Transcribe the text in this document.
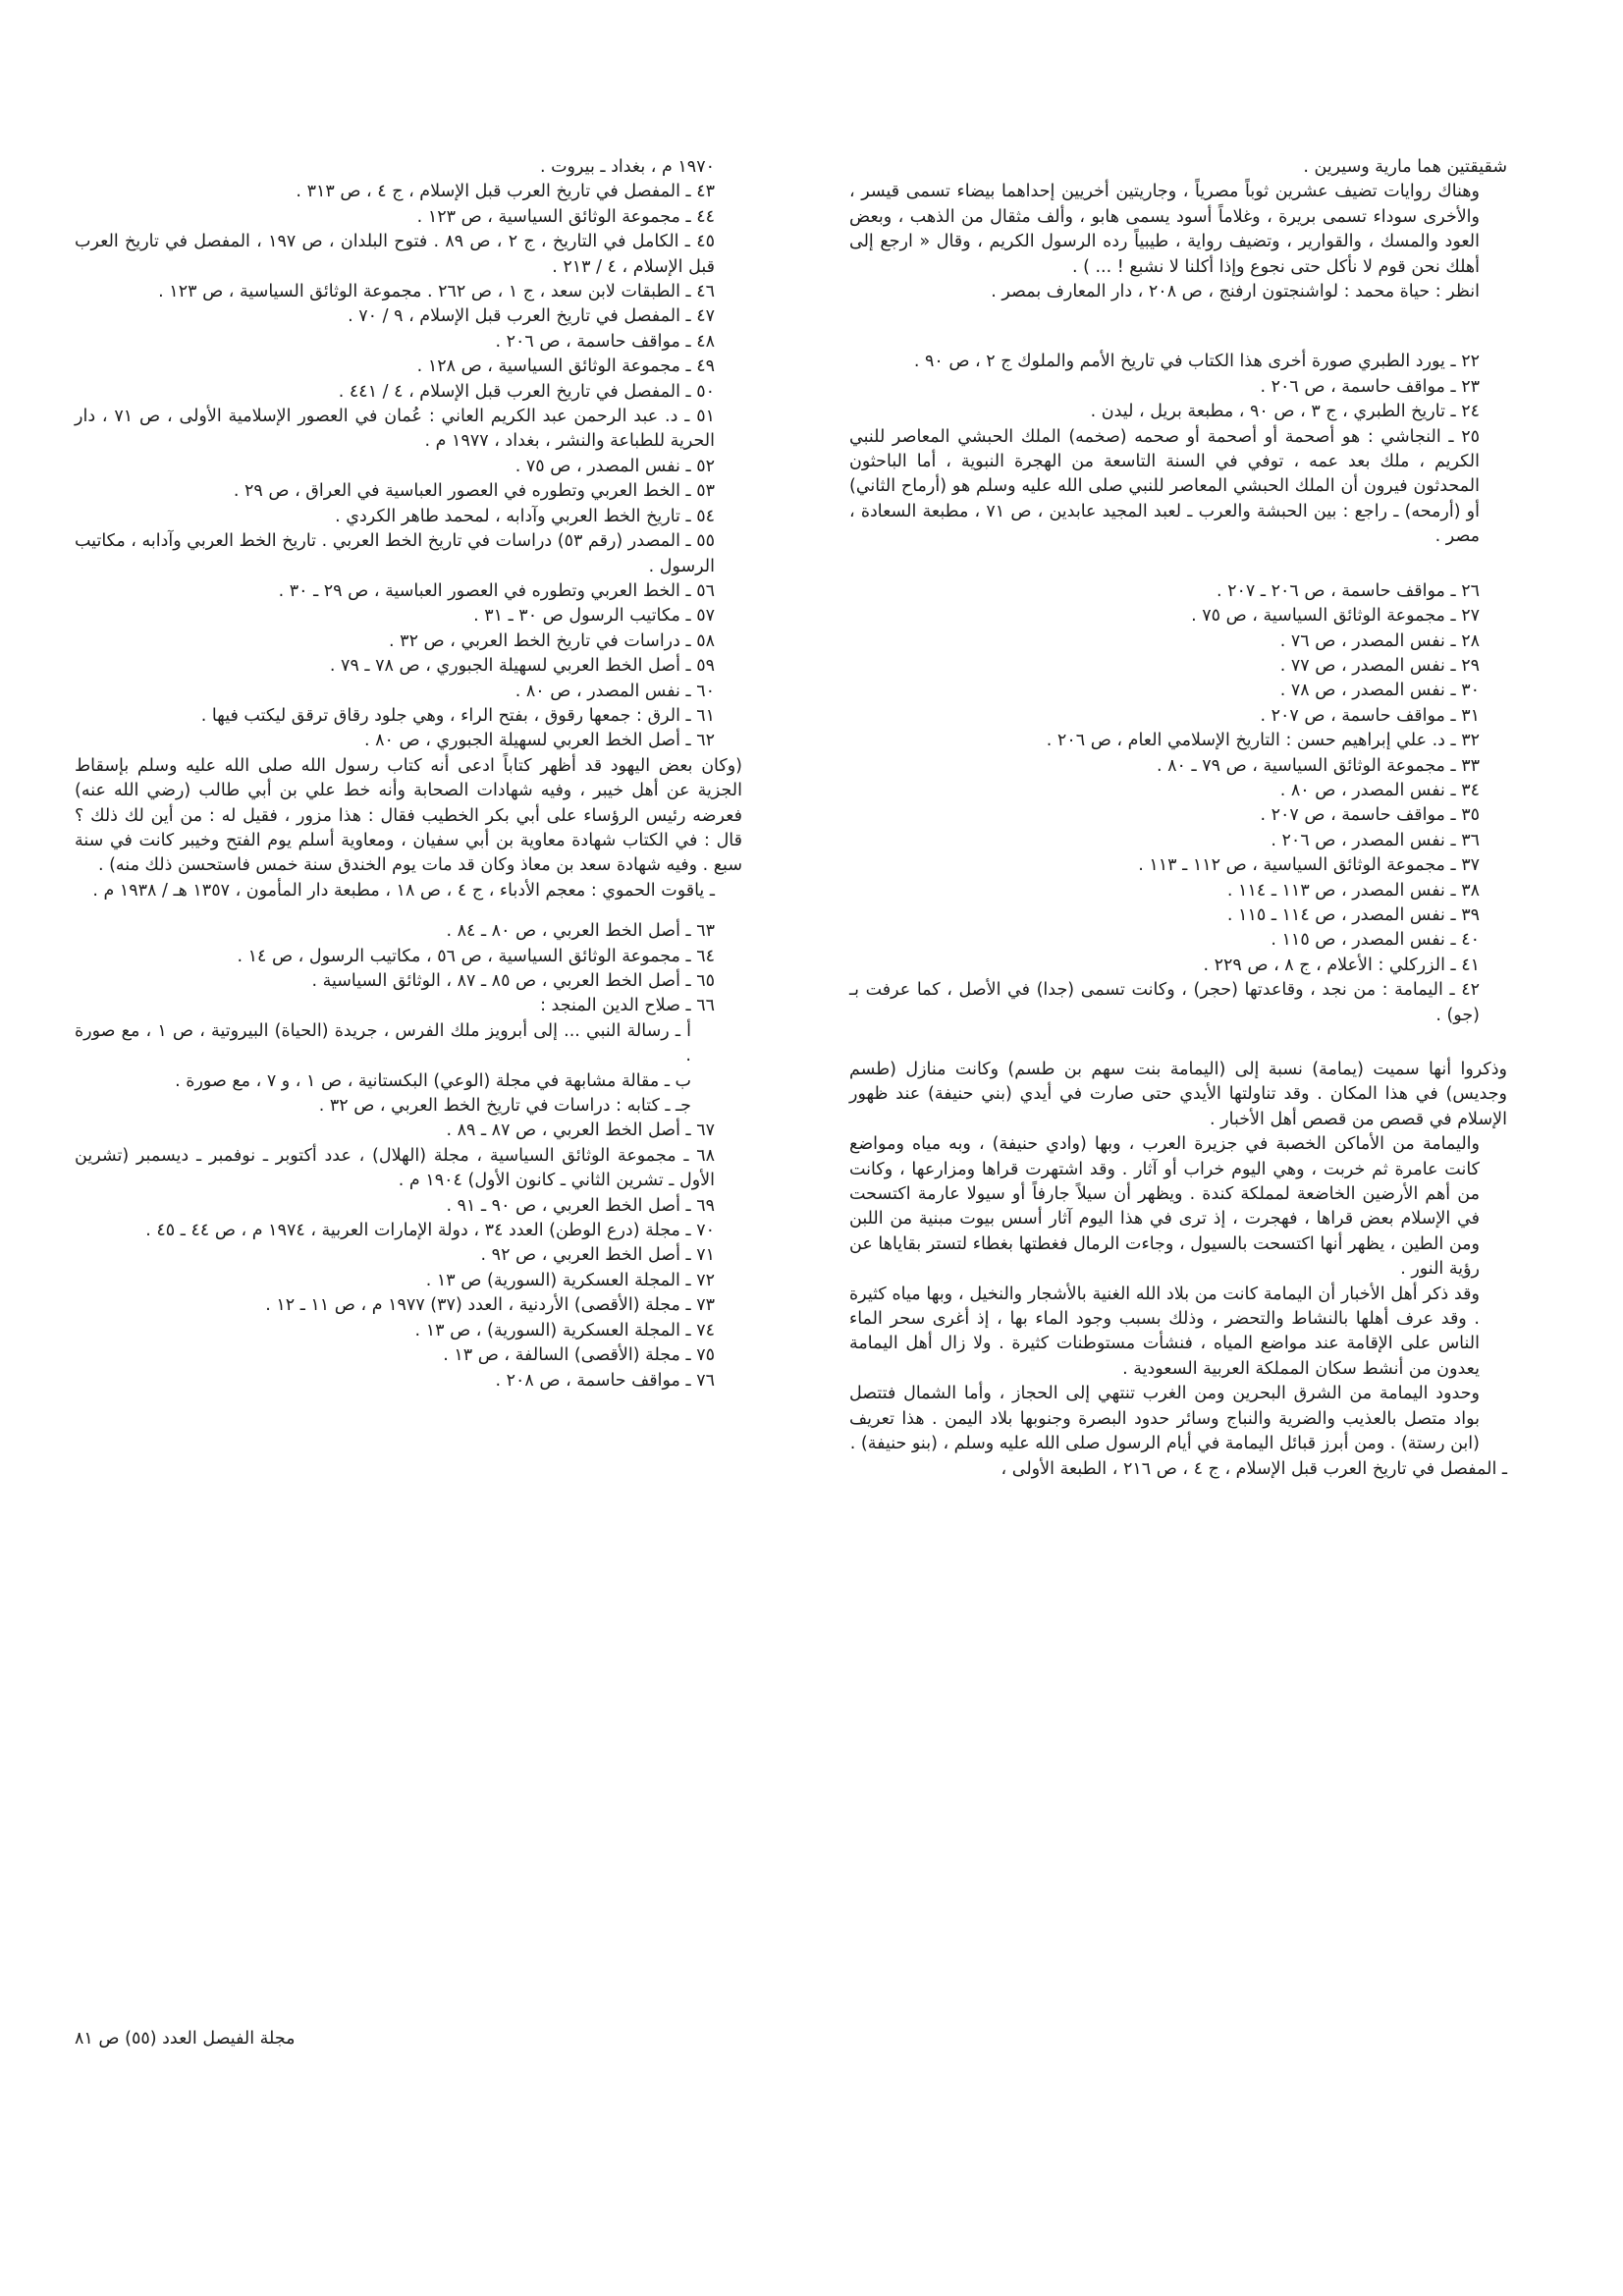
شقيقتين هما مارية وسيرين .
وهناك روايات تضيف عشرين ثوباً مصرياً ، وجاريتين أخريين إحداهما بيضاء تسمى قيسر ، والأخرى سوداء تسمى بريرة ، وغلاماً أسود يسمى هابو ، وألف مثقال من الذهب ، وبعض العود والمسك ، والقوارير ، وتضيف رواية ، طيبياً رده الرسول الكريم ، وقال « ارجع إلى أهلك نحن قوم لا نأكل حتى نجوع وإذا أكلنا لا نشبع ! ... ) .
انظر : حياة محمد : لواشنجتون ارفنج ، ص ٢٠٨ ، دار المعارف بمصر .
٢٢ ـ يورد الطبري صورة أخرى هذا الكتاب في تاريخ الأمم والملوك ج ٢ ، ص ٩٠ .
٢٣ ـ مواقف حاسمة ، ص ٢٠٦ .
٢٤ ـ تاريخ الطبري ، ج ٣ ، ص ٩٠ ، مطبعة بريل ، ليدن .
٢٥ ـ النجاشي : هو أصحمة أو أصحمة أو صحمه (صخمه) الملك الحبشي المعاصر للنبي الكريم ، ملك بعد عمه ، توفي في السنة التاسعة من الهجرة النبوية ، أما الباحثون المحدثون فيرون أن الملك الحبشي المعاصر للنبي صلى الله عليه وسلم هو (أرماح الثاني) أو (أرمحه) ـ راجع : بين الحبشة والعرب ـ لعبد المجيد عابدين ، ص ٧١ ، مطبعة السعادة ، مصر .
٢٦ ـ مواقف حاسمة ، ص ٢٠٦ ـ ٢٠٧ .
٢٧ ـ مجموعة الوثائق السياسية ، ص ٧٥ .
٢٨ ـ نفس المصدر ، ص ٧٦ .
٢٩ ـ نفس المصدر ، ص ٧٧ .
٣٠ ـ نفس المصدر ، ص ٧٨ .
٣١ ـ مواقف حاسمة ، ص ٢٠٧ .
٣٢ ـ د. علي إبراهيم حسن : التاريخ الإسلامي العام ، ص ٢٠٦ .
٣٣ ـ مجموعة الوثائق السياسية ، ص ٧٩ ـ ٨٠ .
٣٤ ـ نفس المصدر ، ص ٨٠ .
٣٥ ـ مواقف حاسمة ، ص ٢٠٧ .
٣٦ ـ نفس المصدر ، ص ٢٠٦ .
٣٧ ـ مجموعة الوثائق السياسية ، ص ١١٢ ـ ١١٣ .
٣٨ ـ نفس المصدر ، ص ١١٣ ـ ١١٤ .
٣٩ ـ نفس المصدر ، ص ١١٤ ـ ١١٥ .
٤٠ ـ نفس المصدر ، ص ١١٥ .
٤١ ـ الزركلي : الأعلام ، ج ٨ ، ص ٢٢٩ .
٤٢ ـ اليمامة : من نجد ، وقاعدتها (حجر) ، وكانت تسمى (جدا) في الأصل ، كما عرفت بـ (جو) .
وذكروا أنها سميت (يمامة) نسبة إلى (اليمامة بنت سهم بن طسم) وكانت منازل (طسم وجديس) في هذا المكان . وقد تناولتها الأيدي حتى صارت في أيدي (بني حنيفة) عند ظهور الإسلام في قصص من قصص أهل الأخبار .
واليمامة من الأماكن الخصبة في جزيرة العرب ، وبها (وادي حنيفة) ، وبه مياه ومواضع كانت عامرة ثم خربت ، وهي اليوم خراب أو آثار . وقد اشتهرت قراها ومزارعها ، وكانت من أهم الأرضين الخاضعة لمملكة كندة . ويظهر أن سيلاً جارفاً أو سيولا عارمة اكتسحت في الإسلام بعض قراها ، فهجرت ، إذ ترى في هذا اليوم آثار أسس بيوت مبنية من اللبن ومن الطين ، يظهر أنها اكتسحت بالسيول ، وجاءت الرمال فغطتها بغطاء لتستر بقاياها عن رؤية النور .
وقد ذكر أهل الأخبار أن اليمامة كانت من بلاد الله الغنية بالأشجار والنخيل ، وبها مياه كثيرة . وقد عرف أهلها بالنشاط والتحضر ، وذلك بسبب وجود الماء بها ، إذ أغرى سحر الماء الناس على الإقامة عند مواضع المياه ، فنشأت مستوطنات كثيرة . ولا زال أهل اليمامة يعدون من أنشط سكان المملكة العربية السعودية .
وحدود اليمامة من الشرق البحرين ومن الغرب تنتهي إلى الحجاز ، وأما الشمال فتتصل بواد متصل بالعذيب والضرية والنباج وسائر حدود البصرة وجنوبها بلاد اليمن . هذا تعريف (ابن رستة) . ومن أبرز قبائل اليمامة في أيام الرسول صلى الله عليه وسلم ، (بنو حنيفة) .
ـ المفصل في تاريخ العرب قبل الإسلام ، ج ٤ ، ص ٢١٦ ، الطبعة الأولى ،
١٩٧٠ م ، بغداد ـ بيروت .
٤٣ ـ المفصل في تاريخ العرب قبل الإسلام ، ج ٤ ، ص ٣١٣ .
٤٤ ـ مجموعة الوثائق السياسية ، ص ١٢٣ .
٤٥ ـ الكامل في التاريخ ، ج ٢ ، ص ٨٩ . فتوح البلدان ، ص ١٩٧ ، المفصل في تاريخ العرب قبل الإسلام ، ٤ / ٢١٣ .
٤٦ ـ الطبقات لابن سعد ، ج ١ ، ص ٢٦٢ . مجموعة الوثائق السياسية ، ص ١٢٣ .
٤٧ ـ المفصل في تاريخ العرب قبل الإسلام ، ٩ / ٧٠ .
٤٨ ـ مواقف حاسمة ، ص ٢٠٦ .
٤٩ ـ مجموعة الوثائق السياسية ، ص ١٢٨ .
٥٠ ـ المفصل في تاريخ العرب قبل الإسلام ، ٤ / ٤٤١ .
٥١ ـ د. عبد الرحمن عبد الكريم العاني : عُمان في العصور الإسلامية الأولى ، ص ٧١ ، دار الحرية للطباعة والنشر ، بغداد ، ١٩٧٧ م .
٥٢ ـ نفس المصدر ، ص ٧٥ .
٥٣ ـ الخط العربي وتطوره في العصور العباسية في العراق ، ص ٢٩ .
٥٤ ـ تاريخ الخط العربي وآدابه ، لمحمد طاهر الكردي .
٥٥ ـ المصدر (رقم ٥٣) دراسات في تاريخ الخط العربي . تاريخ الخط العربي وآدابه ، مكاتيب الرسول .
٥٦ ـ الخط العربي وتطوره في العصور العباسية ، ص ٢٩ ـ ٣٠ .
٥٧ ـ مكاتيب الرسول ص ٣٠ ـ ٣١ .
٥٨ ـ دراسات في تاريخ الخط العربي ، ص ٣٢ .
٥٩ ـ أصل الخط العربي لسهيلة الجبوري ، ص ٧٨ ـ ٧٩ .
٦٠ ـ نفس المصدر ، ص ٨٠ .
٦١ ـ الرق : جمعها رقوق ، بفتح الراء ، وهي جلود رقاق ترقق ليكتب فيها .
٦٢ ـ أصل الخط العربي لسهيلة الجبوري ، ص ٨٠ .
(وكان بعض اليهود قد أظهر كتاباً ادعى أنه كتاب رسول الله صلى الله عليه وسلم بإسقاط الجزية عن أهل خيبر ، وفيه شهادات الصحابة وأنه خط علي بن أبي طالب (رضي الله عنه) فعرضه رئيس الرؤساء على أبي بكر الخطيب فقال : هذا مزور ، فقيل له : من أين لك ذلك ؟ قال : في الكتاب شهادة معاوية بن أبي سفيان ، ومعاوية أسلم يوم الفتح وخيبر كانت في سنة سبع . وفيه شهادة سعد بن معاذ وكان قد مات يوم الخندق سنة خمس فاستحسن ذلك منه) .
ـ ياقوت الحموي : معجم الأدباء ، ج ٤ ، ص ١٨ ، مطبعة دار المأمون ، ١٣٥٧ هـ / ١٩٣٨ م .
٦٣ ـ أصل الخط العربي ، ص ٨٠ ـ ٨٤ .
٦٤ ـ مجموعة الوثائق السياسية ، ص ٥٦ ، مكاتيب الرسول ، ص ١٤ .
٦٥ ـ أصل الخط العربي ، ص ٨٥ ـ ٨٧ ، الوثائق السياسية .
٦٦ ـ صلاح الدين المنجد :
أ ـ رسالة النبي ... إلى أبرويز ملك الفرس ، جريدة (الحياة) البيروتية ، ص ١ ، مع صورة .
ب ـ مقالة مشابهة في مجلة (الوعي) البكستانية ، ص ١ ، و ٧ ، مع صورة .
جـ ـ كتابه : دراسات في تاريخ الخط العربي ، ص ٣٢ .
٦٧ ـ أصل الخط العربي ، ص ٨٧ ـ ٨٩ .
٦٨ ـ مجموعة الوثائق السياسية ، مجلة (الهلال) ، عدد أكتوبر ـ نوفمبر ـ ديسمبر (تشرين الأول ـ تشرين الثاني ـ كانون الأول) ١٩٠٤ م .
٦٩ ـ أصل الخط العربي ، ص ٩٠ ـ ٩١ .
٧٠ ـ مجلة (درع الوطن) العدد ٣٤ ، دولة الإمارات العربية ، ١٩٧٤ م ، ص ٤٤ ـ ٤٥ .
٧١ ـ أصل الخط العربي ، ص ٩٢ .
٧٢ ـ المجلة العسكرية (السورية) ص ١٣ .
٧٣ ـ مجلة (الأقصى) الأردنية ، العدد (٣٧) ١٩٧٧ م ، ص ١١ ـ ١٢ .
٧٤ ـ المجلة العسكرية (السورية) ، ص ١٣ .
٧٥ ـ مجلة (الأقصى) السالفة ، ص ١٣ .
٧٦ ـ مواقف حاسمة ، ص ٢٠٨ .
مجلة الفيصل العدد (٥٥) ص ٨١
